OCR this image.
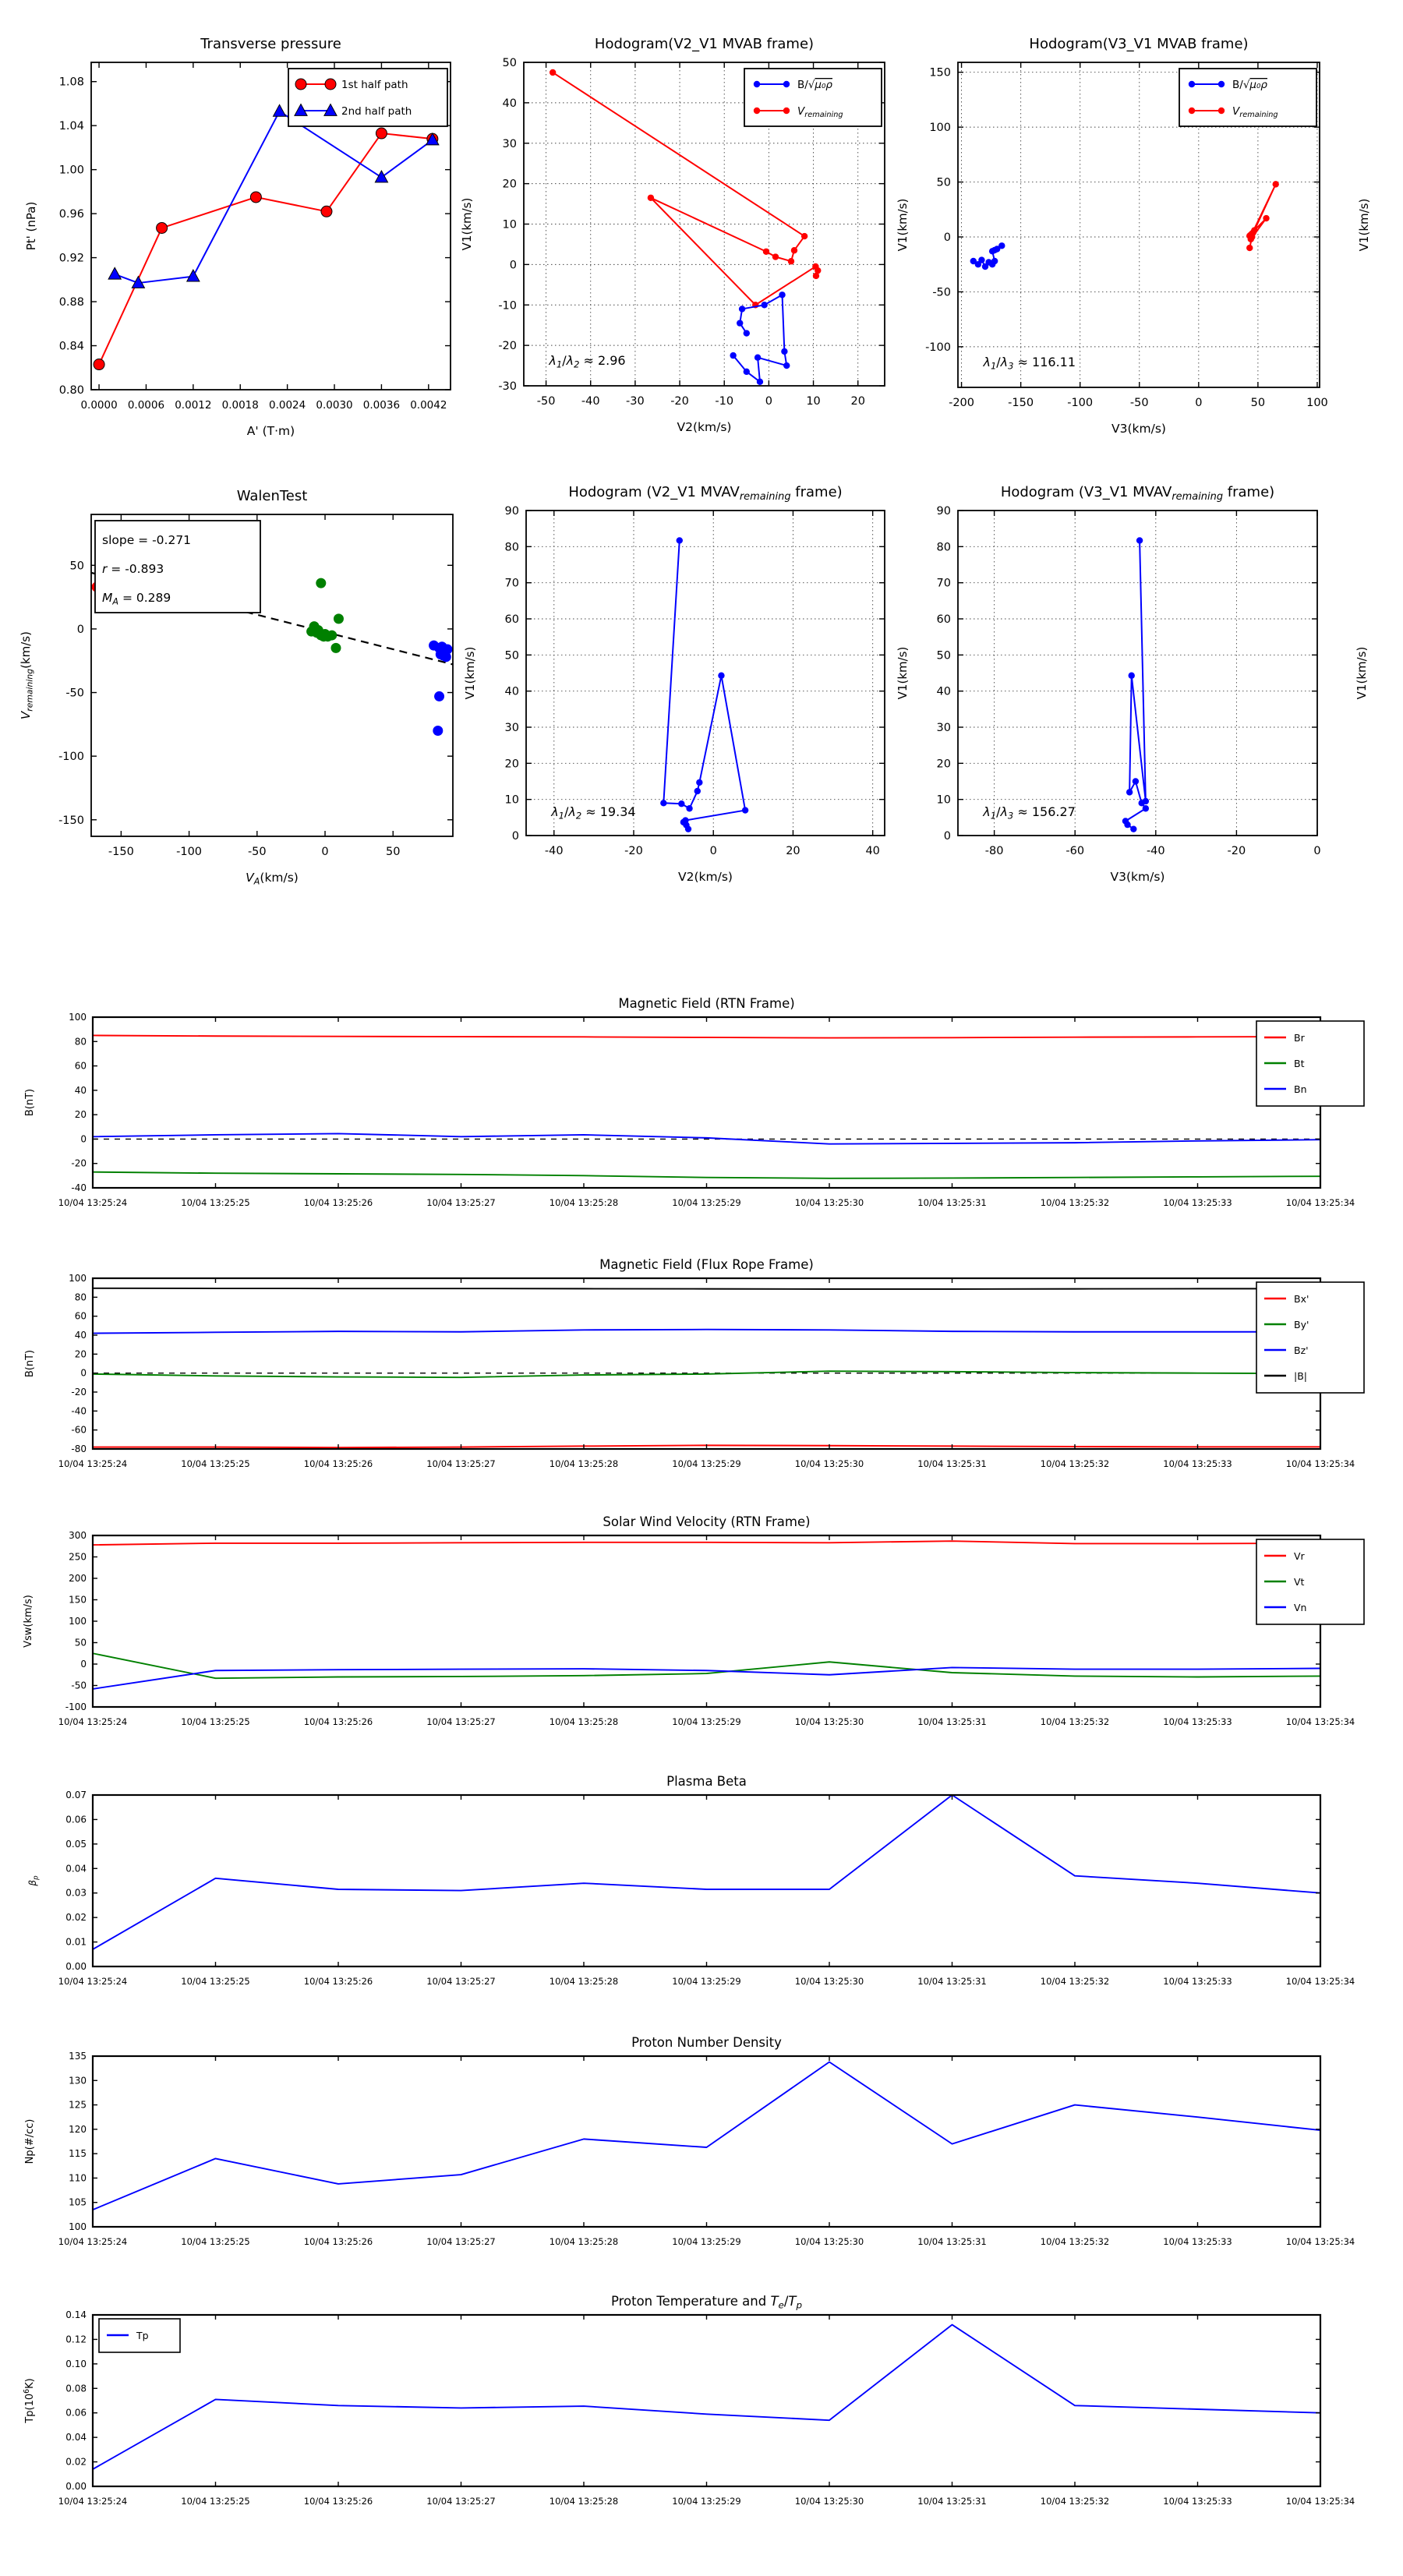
0.0000 0.0006 0.0012 0.0018 0.0024 0.0030 0.0036 0.0042
0.80
0.84
0.88
0.92
0.96
1.00
1.04
1.08
Transverse pressure
A' (T·m)
Pt' (nPa)
1st half path
2nd half path
-50 -40 -30 -20 -10	0	10	20
-30
-20
-10
0
10
20
30
40
50
Hodogram(V2_V1 MVAB frame)
V2(km/s)
V1(km/s)
$\lambda_1/\lambda_2 \approx 2.96$
B/√μ₀ρ
$V_{remaining}$
-200	-150	-100	-50	0	50	100
-100
-50
0
50
100
150
Hodogram(V3_V1 MVAB frame)
V3(km/s)
V1(km/s)	V1(km/s)
$\lambda_1/\lambda_3 \approx 116.11$
B/√μ₀ρ
$V_{remaining}$
-150	-100	-50	0	50
50
0
-50
-100
-150
WalenTest
$V_A(km/s)$
$V_{remaining}(km/s)$
slope = -0.271
r = -0.893
$M_A = 0.289$
-40	-20	0	20	40
0
10
20
30
40
50
60
70
80
90
Hodogram (V2_V1 $MVAV_{remaining}$ frame)
V2(km/s)
V1(km/s)
$\lambda_1/\lambda_2 \approx 19.34$
-80	-60	-40	-20	0
0
10
20
30
40
50
60
70
80
90
Hodogram (V3_V1 $MVAV_{remaining}$ frame)
V3(km/s)
V1(km/s)	V1(km/s)
$\lambda_1/\lambda_3 \approx 156.27$
10/04 13:25:24	10/04 13:25:25	10/04 13:25:26	10/04 13:25:27	10/04 13:25:28	10/04 13:25:29	10/04 13:25:30	10/04 13:25:31	10/04 13:25:32	10/04 13:25:33	10/04 13:25:34
-40
-20
0
20
40
60
80
100
Magnetic Field (RTN Frame)
B(nT)
Br
Bt
Bn
10/04 13:25:24	10/04 13:25:25	10/04 13:25:26	10/04 13:25:27	10/04 13:25:28	10/04 13:25:29	10/04 13:25:30	10/04 13:25:31	10/04 13:25:32	10/04 13:25:33	10/04 13:25:34
-80
-60
-40
-20
0
20
40
60
80
100
Magnetic Field (Flux Rope Frame)
B(nT)
Bx'
By'
Bz'
|B|
10/04 13:25:24	10/04 13:25:25	10/04 13:25:26	10/04 13:25:27	10/04 13:25:28	10/04 13:25:29	10/04 13:25:30	10/04 13:25:31	10/04 13:25:32	10/04 13:25:33	10/04 13:25:34
-100
-50
0
50
100
150
200
250
300
Solar Wind Velocity (RTN Frame)
Vsw(km/s)
Vr
Vt
Vn
10/04 13:25:24	10/04 13:25:25	10/04 13:25:26	10/04 13:25:27	10/04 13:25:28	10/04 13:25:29	10/04 13:25:30	10/04 13:25:31	10/04 13:25:32	10/04 13:25:33	10/04 13:25:34
0.00
0.01
0.02
0.03
0.04
0.05
0.06
0.07
Plasma Beta
$\beta_p$
10/04 13:25:24	10/04 13:25:25	10/04 13:25:26	10/04 13:25:27	10/04 13:25:28	10/04 13:25:29	10/04 13:25:30	10/04 13:25:31	10/04 13:25:32	10/04 13:25:33	10/04 13:25:34
100
105
110
115
120
125
130
135
Proton Number Density
Np(#/cc)
10/04 13:25:24	10/04 13:25:25	10/04 13:25:26	10/04 13:25:27	10/04 13:25:28	10/04 13:25:29	10/04 13:25:30	10/04 13:25:31	10/04 13:25:32	10/04 13:25:33	10/04 13:25:34
0.00
0.02
0.04
0.06
0.08
0.10
0.12
0.14
Proton Temperature and $T_e/T_p$
$Tp(10^6K)$
Tp
